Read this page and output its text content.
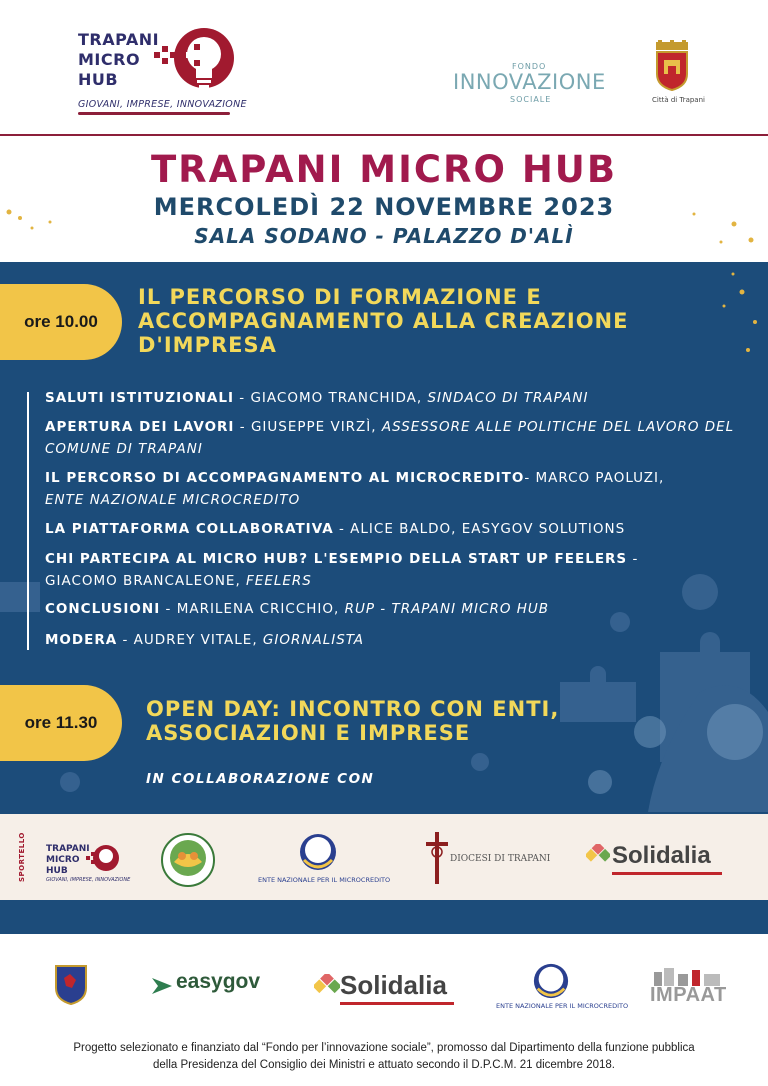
TRAPANI
MICRO
HUB
GIOVANI, IMPRESE, INNOVAZIONE
FONDO
INNOVAZIONE
SOCIALE	Città di Trapani
TRAPANI MICRO HUB
MERCOLEDÌ 22 NOVEMBRE 2023
SALA SODANO - PALAZZO D'ALÌ
ore 10.00
IL PERCORSO DI FORMAZIONE E ACCOMPAGNAMENTO ALLA CREAZIONE D'IMPRESA
SALUTI ISTITUZIONALI - GIACOMO TRANCHIDA, SINDACO DI TRAPANI
APERTURA DEI LAVORI - GIUSEPPE VIRZÌ, ASSESSORE ALLE POLITICHE DEL LAVORO DEL COMUNE DI TRAPANI
IL PERCORSO DI ACCOMPAGNAMENTO AL MICROCREDITO- MARCO PAOLUZI,
ENTE NAZIONALE MICROCREDITO
LA PIATTAFORMA COLLABORATIVA - ALICE BALDO, EASYGOV SOLUTIONS
CHI PARTECIPA AL MICRO HUB? L'ESEMPIO DELLA START UP FEELERS -
GIACOMO BRANCALEONE, FEELERS
CONCLUSIONI - MARILENA CRICCHIO, RUP - TRAPANI MICRO HUB
MODERA - AUDREY VITALE, GIORNALISTA
ore 11.30
OPEN DAY: INCONTRO CON ENTI, ASSOCIAZIONI E IMPRESE
IN COLLABORAZIONE CON
SPORTELLO TRAPANI
MICRO
HUB
GIOVANI, IMPRESE, INNOVAZIONE	ENTE NAZIONALE PER IL MICROCREDITO
DIOCESI DI TRAPANI	Solidalia
easygov	Solidalia
ENTE NAZIONALE PER IL MICROCREDITO IMPAAT
Progetto selezionato e finanziato dal “Fondo per l’innovazione sociale”, promosso dal Dipartimento della funzione pubblica
della Presidenza del Consiglio dei Ministri e attuato secondo il D.P.C.M. 21 dicembre 2018.
